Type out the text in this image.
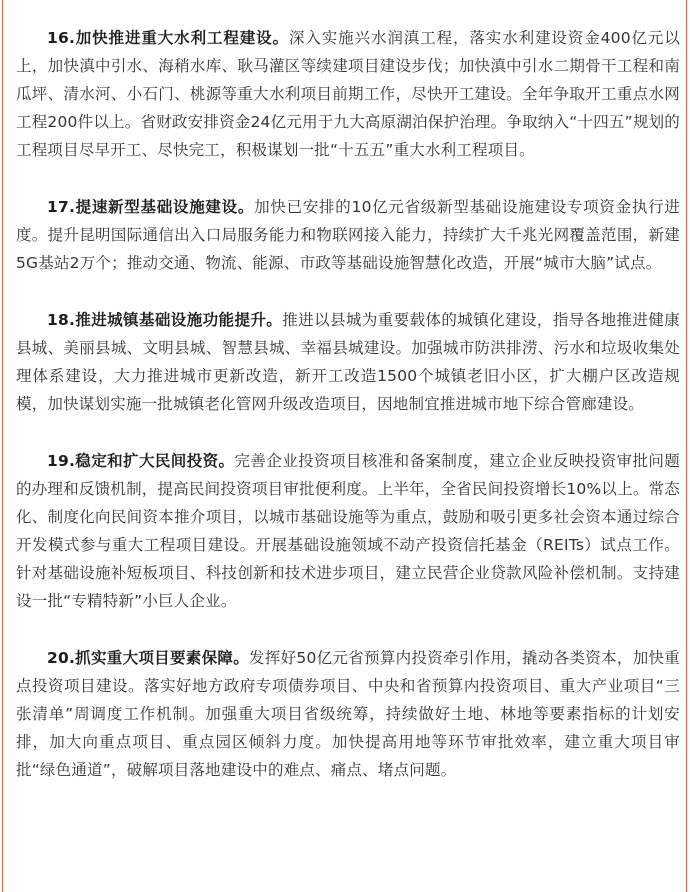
16.加快推进重大水利工程建设。深入实施兴水润滇工程，落实水利建设资金400亿元以上，加快滇中引水、海稍水库、耿马灌区等续建项目建设步伐；加快滇中引水二期骨干工程和南瓜坪、清水河、小石门、桃源等重大水利项目前期工作，尽快开工建设。全年争取开工重点水网工程200件以上。省财政安排资金24亿元用于九大高原湖泊保护治理。争取纳入“十四五”规划的工程项目尽早开工、尽快完工，积极谋划一批“十五五”重大水利工程项目。

17.提速新型基础设施建设。加快已安排的10亿元省级新型基础设施建设专项资金执行进度。提升昆明国际通信出入口局服务能力和物联网接入能力，持续扩大千兆光网覆盖范围，新建5G基站2万个；推动交通、物流、能源、市政等基础设施智慧化改造，开展“城市大脑”试点。

18.推进城镇基础设施功能提升。推进以县城为重要载体的城镇化建设，指导各地推进健康县城、美丽县城、文明县城、智慧县城、幸福县城建设。加强城市防洪排涝、污水和垃圾收集处理体系建设，大力推进城市更新改造，新开工改造1500个城镇老旧小区，扩大棚户区改造规模，加快谋划实施一批城镇老化管网升级改造项目，因地制宜推进城市地下综合管廊建设。

19.稳定和扩大民间投资。完善企业投资项目核准和备案制度，建立企业反映投资审批问题的办理和反馈机制，提高民间投资项目审批便利度。上半年，全省民间投资增长10%以上。常态化、制度化向民间资本推介项目，以城市基础设施等为重点，鼓励和吸引更多社会资本通过综合开发模式参与重大工程项目建设。开展基础设施领域不动产投资信托基金（REITs）试点工作。针对基础设施补短板项目、科技创新和技术进步项目，建立民营企业贷款风险补偿机制。支持建设一批“专精特新”小巨人企业。

20.抓实重大项目要素保障。发挥好50亿元省预算内投资牵引作用，撬动各类资本，加快重点投资项目建设。落实好地方政府专项债券项目、中央和省预算内投资项目、重大产业项目“三张清单”周调度工作机制。加强重大项目省级统筹，持续做好土地、林地等要素指标的计划安排，加大向重点项目、重点园区倾斜力度。加快提高用地等环节审批效率，建立重大项目审批“绿色通道”，破解项目落地建设中的难点、痛点、堵点问题。
